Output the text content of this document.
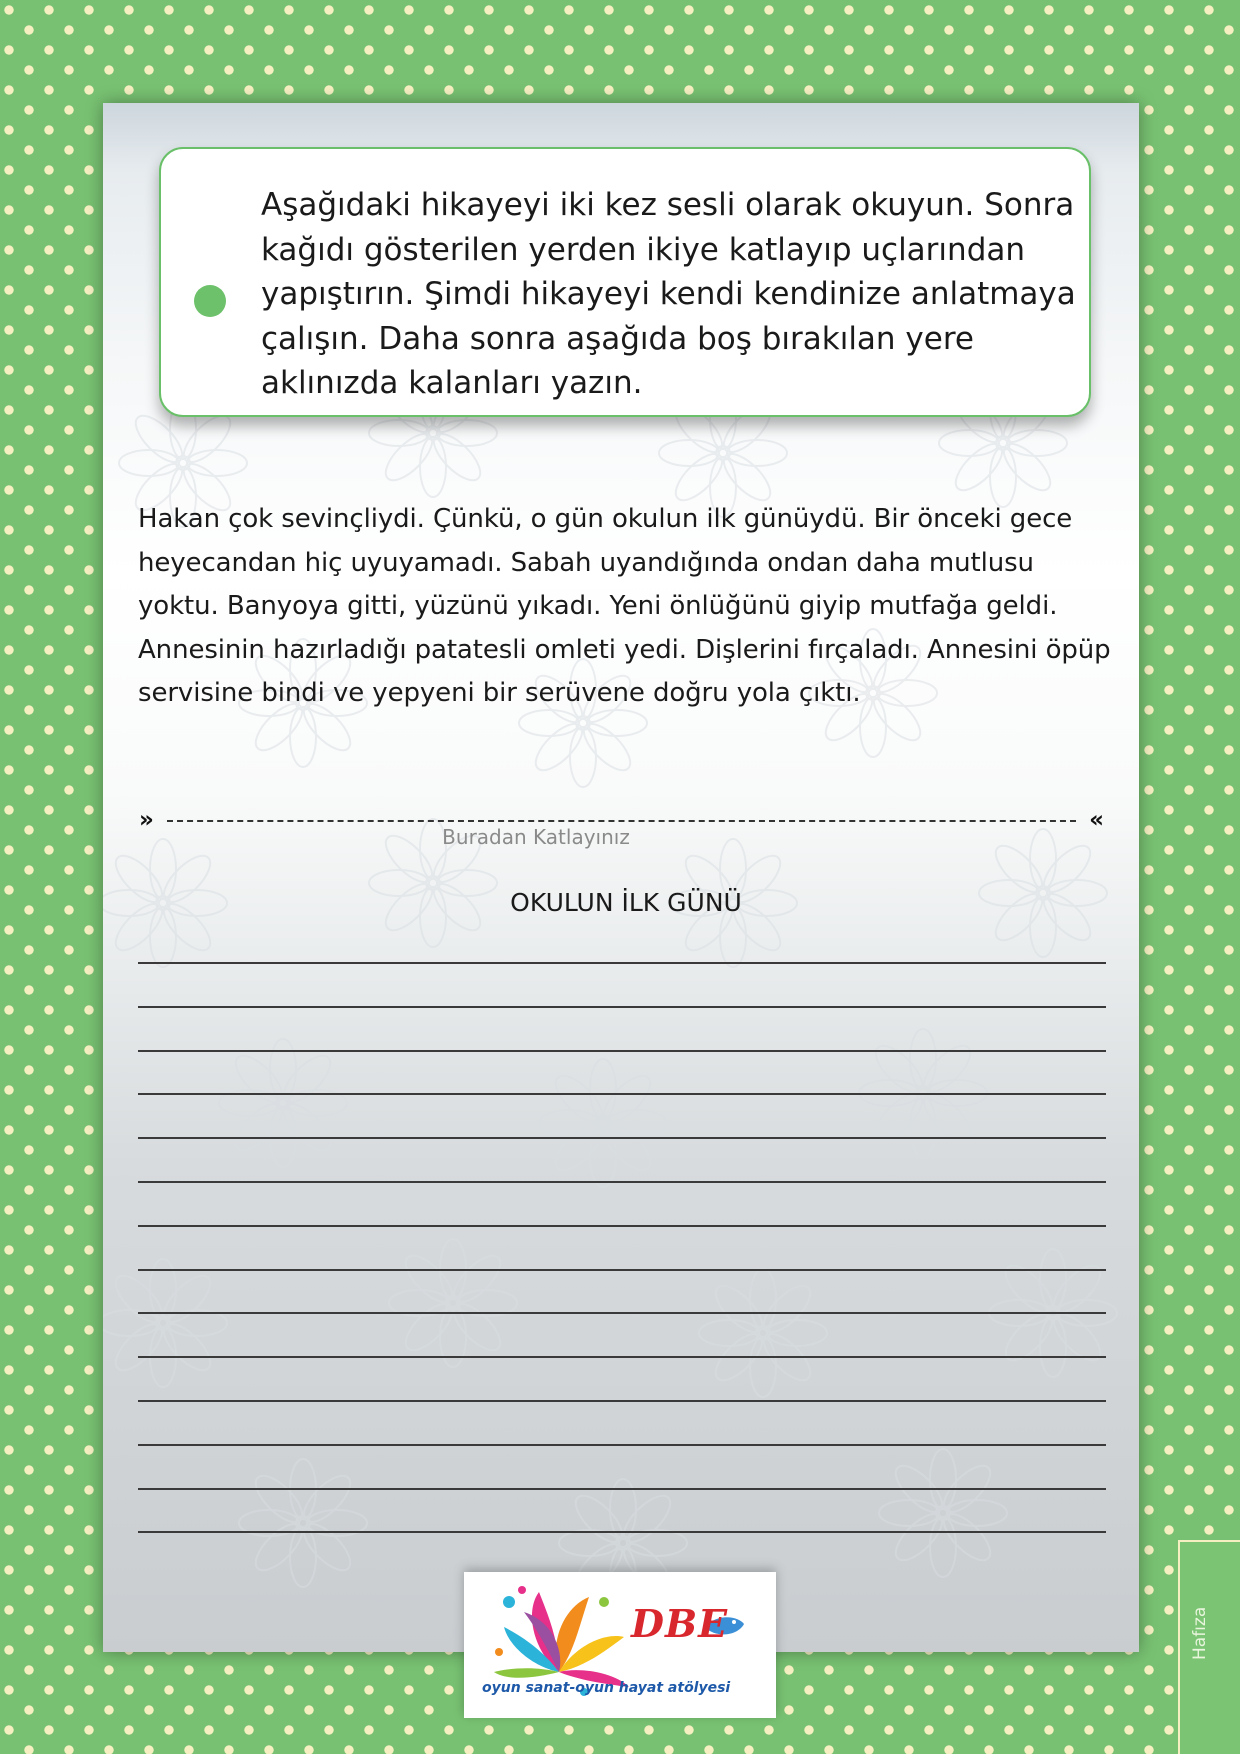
Aşağıdaki hikayeyi iki kez sesli olarak okuyun. Sonra kağıdı gösterilen yerden ikiye katlayıp uçlarından yapıştırın. Şimdi hikayeyi kendi kendinize anlatmaya çalışın. Daha sonra aşağıda boş bırakılan yere aklınızda kalanları yazın.

Hakan çok sevinçliydi. Çünkü, o gün okulun ilk günüydü. Bir önceki gece heyecandan hiç uyuyamadı. Sabah uyandığında ondan daha mutlusu yoktu. Banyoya gitti, yüzünü yıkadı. Yeni önlüğünü giyip mutfağa geldi. Annesinin hazırladığı patatesli omleti yedi. Dişlerini fırçaladı. Annesini öpüp servisine bindi ve yepyeni bir serüvene doğru yola çıktı.

»	«
Buradan Katlayınız
OKULUN İLK GÜNÜ
DBE
oyun sanat-oyun hayat atölyesi
Hafıza
